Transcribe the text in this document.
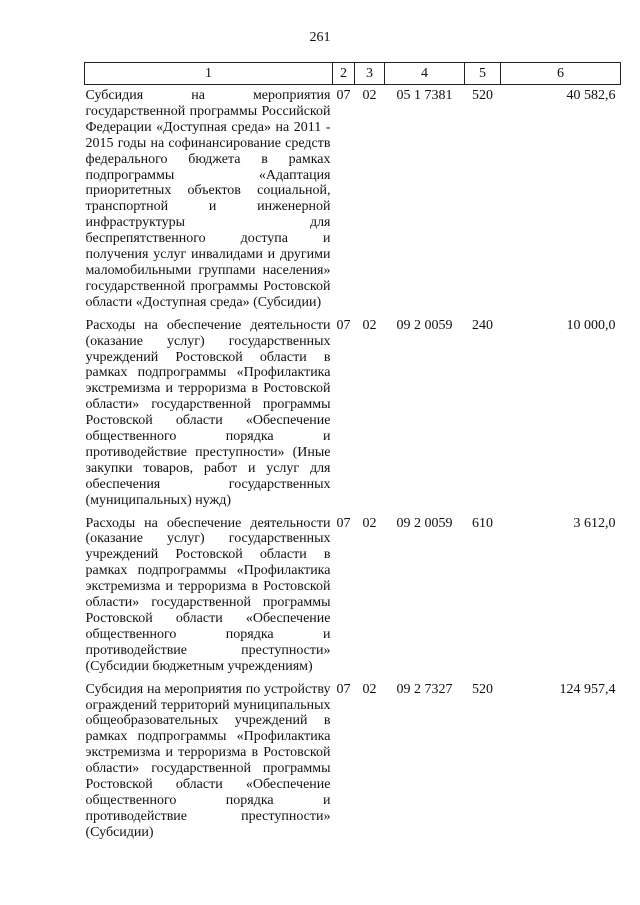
261
1	2	3	4	5	6
Субсидия на мероприятия государственной программы Российской Федерации «Доступная среда» на 2011 - 2015 годы на софинансирование средств федерального бюджета в рамках подпрограммы «Адаптация приоритетных объектов социальной, транспортной и инженерной инфраструктуры для беспрепятственного доступа и получения услуг инвалидами и другими маломобильными группами населения» государственной программы Ростовской области «Доступная среда» (Субсидии)	07	02	05 1 7381	520	40 582,6
Расходы на обеспечение деятельности (оказание услуг) государственных учреждений Ростовской области в рамках подпрограммы «Профилактика экстремизма и терроризма в Ростовской области» государственной программы Ростовской области «Обеспечение общественного порядка и противодействие преступности» (Иные закупки товаров, работ и услуг для обеспечения государственных (муниципальных) нужд)	07	02	09 2 0059	240	10 000,0
Расходы на обеспечение деятельности (оказание услуг) государственных учреждений Ростовской области в рамках подпрограммы «Профилактика экстремизма и терроризма в Ростовской области» государственной программы Ростовской области «Обеспечение общественного порядка и противодействие преступности» (Субсидии бюджетным учреждениям)	07	02	09 2 0059	610	3 612,0
Субсидия на мероприятия по устройству ограждений территорий муниципальных общеобразовательных учреждений в рамках подпрограммы «Профилактика экстремизма и терроризма в Ростовской области» государственной программы Ростовской области «Обеспечение общественного порядка и противодействие преступности» (Субсидии)	07	02	09 2 7327	520	124 957,4
